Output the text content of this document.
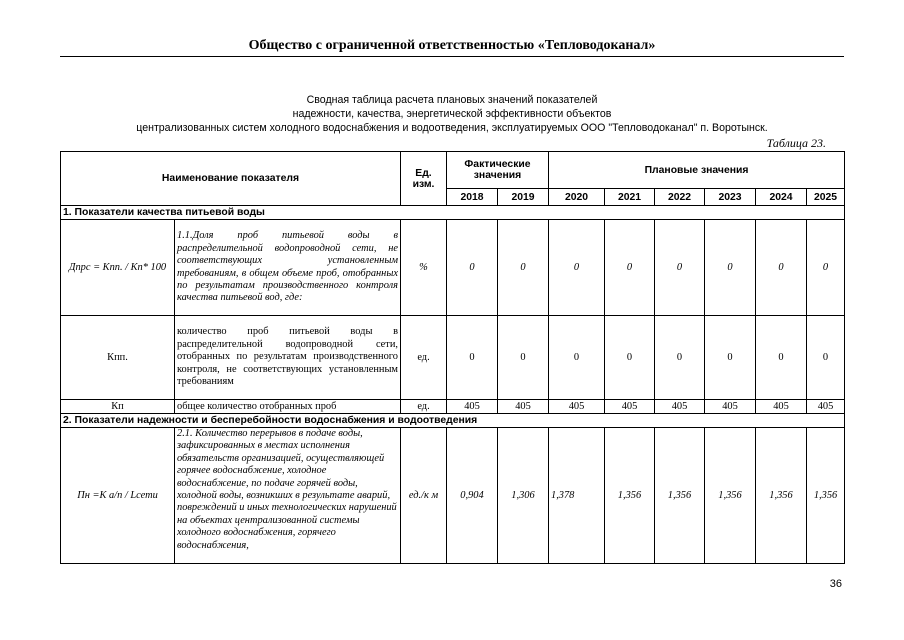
Общество с ограниченной ответственностью «Тепловодоканал»
Сводная таблица расчета плановых значений показателей
надежности, качества, энергетической эффективности объектов
централизованных систем холодного водоснабжения и водоотведения, эксплуатируемых ООО "Тепловодоканал" п. Воротынск.
Таблица 23.
Наименование показателя		Ед. изм.	Фактические значения		Плановые значения					
			2018	2019	2020	2021	2022	2023	2024	2025
1. Показатели качества питьевой воды										
Дпрс = Кпп. / Кп* 100	1.1.Доля проб питьевой воды в распределительной водопроводной сети, не соответствующих установленным требованиям, в общем объеме проб, отобранных по результатам производственного контроля качества питьевой вод, где:	%	0	0	0	0	0	0	0	0
Кпп.	количество проб питьевой воды в распределительной водопроводной сети, отобранных по результатам производственного контроля, не соответствующих установленным требованиям	ед.	0	0	0	0	0	0	0	0
Кп	общее количество отобранных проб	ед.	405	405	405	405	405	405	405	405
2. Показатели надежности и бесперебойности водоснабжения и водоотведения										
Пн =К а/п / Lсети	2.1. Количество перерывов в подаче воды, зафиксированных в местах исполнения обязательств организацией, осуществляющей горячее водоснабжение, холодное водоснабжение, по подаче горячей воды, холодной воды, возникших в результате аварий, повреждений и иных технологических нарушений на объектах централизованной системы холодного водоснабжения, горячего водоснабжения,	ед./к м	0,904	1,306	1,378	1,356	1,356	1,356	1,356	1,356
36
